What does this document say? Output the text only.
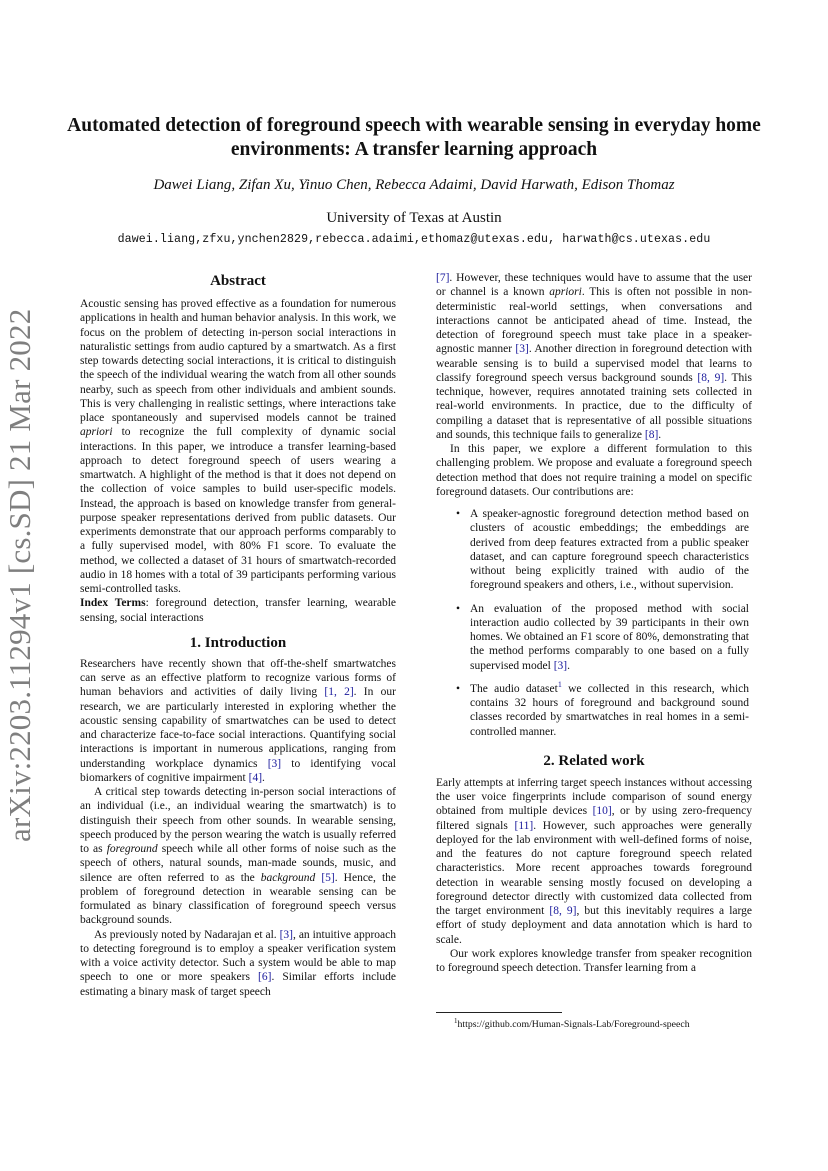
arXiv:2203.11294v1 [cs.SD] 21 Mar 2022
Automated detection of foreground speech with wearable sensing in everyday home environments: A transfer learning approach
Dawei Liang, Zifan Xu, Yinuo Chen, Rebecca Adaimi, David Harwath, Edison Thomaz
University of Texas at Austin
dawei.liang,zfxu,ynchen2829,rebecca.adaimi,ethomaz@utexas.edu, harwath@cs.utexas.edu
Abstract

Acoustic sensing has proved effective as a foundation for numerous applications in health and human behavior analysis. In this work, we focus on the problem of detecting in-person social interactions in naturalistic settings from audio captured by a smartwatch. As a first step towards detecting social interactions, it is critical to distinguish the speech of the individual wearing the watch from all other sounds nearby, such as speech from other individuals and ambient sounds. This is very challenging in realistic settings, where interactions take place spontaneously and supervised models cannot be trained apriori to recognize the full complexity of dynamic social interactions. In this paper, we introduce a transfer learning-based approach to detect foreground speech of users wearing a smartwatch. A highlight of the method is that it does not depend on the collection of voice samples to build user-specific models. Instead, the approach is based on knowledge transfer from general-purpose speaker representations derived from public datasets. Our experiments demonstrate that our approach performs comparably to a fully supervised model, with 80% F1 score. To evaluate the method, we collected a dataset of 31 hours of smartwatch-recorded audio in 18 homes with a total of 39 participants performing various semi-controlled tasks.

Index Terms: foreground detection, transfer learning, wearable sensing, social interactions

1. Introduction

Researchers have recently shown that off-the-shelf smartwatches can serve as an effective platform to recognize various forms of human behaviors and activities of daily living [1, 2]. In our research, we are particularly interested in exploring whether the acoustic sensing capability of smartwatches can be used to detect and characterize face-to-face social interactions. Quantifying social interactions is important in numerous applications, ranging from understanding workplace dynamics [3] to identifying vocal biomarkers of cognitive impairment [4].

A critical step towards detecting in-person social interactions of an individual (i.e., an individual wearing the smartwatch) is to distinguish their speech from other sounds. In wearable sensing, speech produced by the person wearing the watch is usually referred to as foreground speech while all other forms of noise such as the speech of others, natural sounds, man-made sounds, music, and silence are often referred to as the background [5]. Hence, the problem of foreground detection in wearable sensing can be formulated as binary classification of foreground speech versus background sounds.

As previously noted by Nadarajan et al. [3], an intuitive approach to detecting foreground is to employ a speaker verification system with a voice activity detector. Such a system would be able to map speech to one or more speakers [6]. Similar efforts include estimating a binary mask of target speech

[7]. However, these techniques would have to assume that the user or channel is a known apriori. This is often not possible in non-deterministic real-world settings, when conversations and interactions cannot be anticipated ahead of time. Instead, the detection of foreground speech must take place in a speaker-agnostic manner [3]. Another direction in foreground detection with wearable sensing is to build a supervised model that learns to classify foreground speech versus background sounds [8, 9]. This technique, however, requires annotated training sets collected in real-world environments. In practice, due to the difficulty of compiling a dataset that is representative of all possible situations and sounds, this technique fails to generalize [8].

In this paper, we explore a different formulation to this challenging problem. We propose and evaluate a foreground speech detection method that does not require training a model on specific foreground datasets. Our contributions are:

• A speaker-agnostic foreground detection method based on clusters of acoustic embeddings; the embeddings are derived from deep features extracted from a public speaker dataset, and can capture foreground speech characteristics without being explicitly trained with audio of the foreground speakers and others, i.e., without supervision.
• An evaluation of the proposed method with social interaction audio collected by 39 participants in their own homes. We obtained an F1 score of 80%, demonstrating that the method performs comparably to one based on a fully supervised model [3].
• The audio dataset$^1$ we collected in this research, which contains 32 hours of foreground and background sound classes recorded by smartwatches in real homes in a semi-controlled manner.
2. Related work

Early attempts at inferring target speech instances without accessing the user voice fingerprints include comparison of sound energy obtained from multiple devices [10], or by using zero-frequency filtered signals [11]. However, such approaches were generally deployed for the lab environment with well-defined forms of noise, and the features do not capture foreground speech related characteristics. More recent approaches towards foreground detection in wearable sensing mostly focused on developing a foreground detector directly with customized data collected from the target environment [8, 9], but this inevitably requires a large effort of study deployment and data annotation which is hard to scale.

Our work explores knowledge transfer from speaker recognition to foreground speech detection. Transfer learning from a

$^1$https://github.com/Human-Signals-Lab/Foreground-speech
